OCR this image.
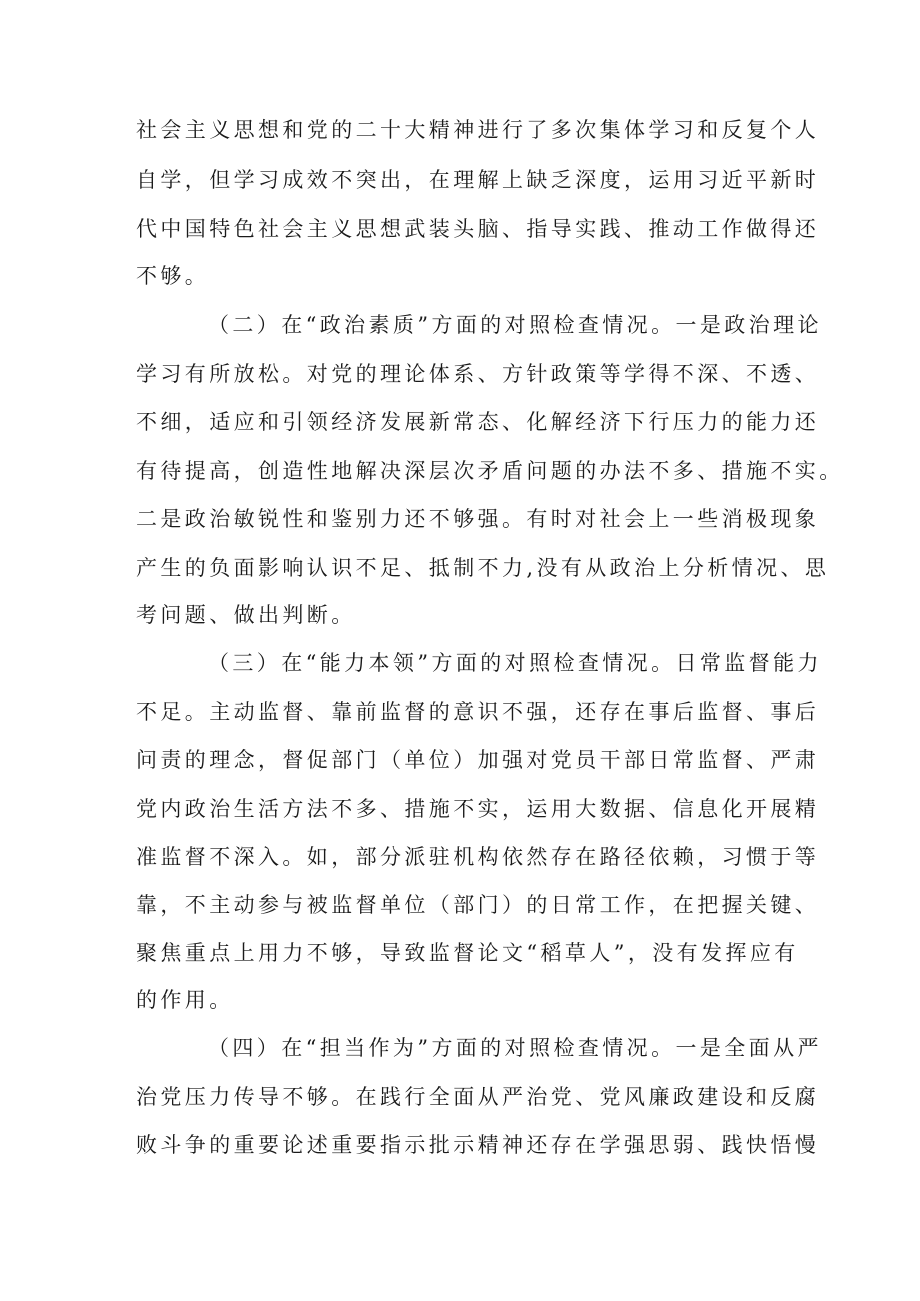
社会主义思想和党的二十大精神进行了多次集体学习和反复个人
自学，但学习成效不突出，在理解上缺乏深度，运用习近平新时
代中国特色社会主义思想武装头脑、指导实践、推动工作做得还
不够。
（二）在“政治素质”方面的对照检查情况。一是政治理论
学习有所放松。对党的理论体系、方针政策等学得不深、不透、
不细，适应和引领经济发展新常态、化解经济下行压力的能力还
有待提高，创造性地解决深层次矛盾问题的办法不多、措施不实。
二是政治敏锐性和鉴别力还不够强。有时对社会上一些消极现象
产生的负面影响认识不足、抵制不力,没有从政治上分析情况、思
考问题、做出判断。
（三）在“能力本领”方面的对照检查情况。日常监督能力
不足。主动监督、靠前监督的意识不强，还存在事后监督、事后
问责的理念，督促部门（单位）加强对党员干部日常监督、严肃
党内政治生活方法不多、措施不实，运用大数据、信息化开展精
准监督不深入。如，部分派驻机构依然存在路径依赖，习惯于等
靠，不主动参与被监督单位（部门）的日常工作，在把握关键、
聚焦重点上用力不够，导致监督论文“稻草人”，没有发挥应有
的作用。
（四）在“担当作为”方面的对照检查情况。一是全面从严
治党压力传导不够。在践行全面从严治党、党风廉政建设和反腐
败斗争的重要论述重要指示批示精神还存在学强思弱、践快悟慢
